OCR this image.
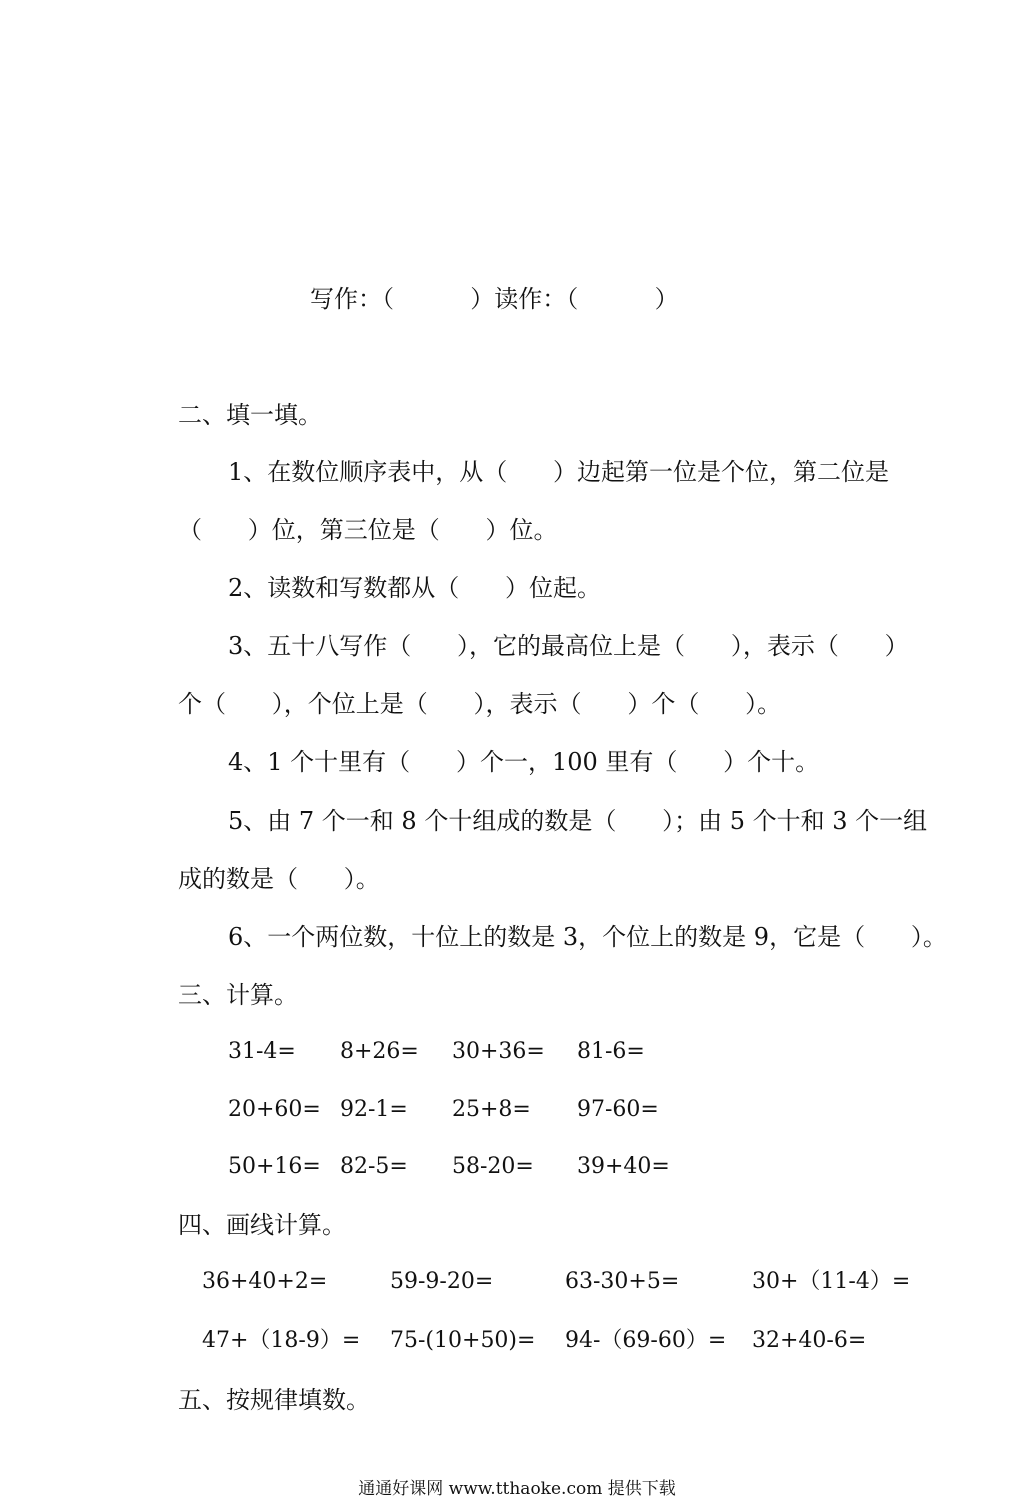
写作：（          ）读作：（          ）
二、填一填。
1、在数位顺序表中，从（      ）边起第一位是个位，第二位是
（      ）位，第三位是（      ）位。
2、读数和写数都从（      ）位起。
3、五十八写作（      ），它的最高位上是（      ），表示（      ）
个（      ），个位上是（      ），表示（      ）个（      ）。
4、1 个十里有（      ）个一，100 里有（      ）个十。
5、由 7 个一和 8 个十组成的数是（      ）；由 5 个十和 3 个一组
成的数是（      ）。
6、一个两位数，十位上的数是 3，个位上的数是 9，它是（      ）。
三、计算。
31-4= 8+26= 30+36= 81-6=
20+60= 92-1= 25+8= 97-60=
50+16= 82-5= 58-20= 39+40=
四、画线计算。
36+40+2=	59-9-20=	63-30+5=	30+（11-4）=
47+（18-9）= 75-(10+50)= 94-（69-60）= 32+40-6=
五、按规律填数。
通通好课网 www.tthaoke.com 提供下载
